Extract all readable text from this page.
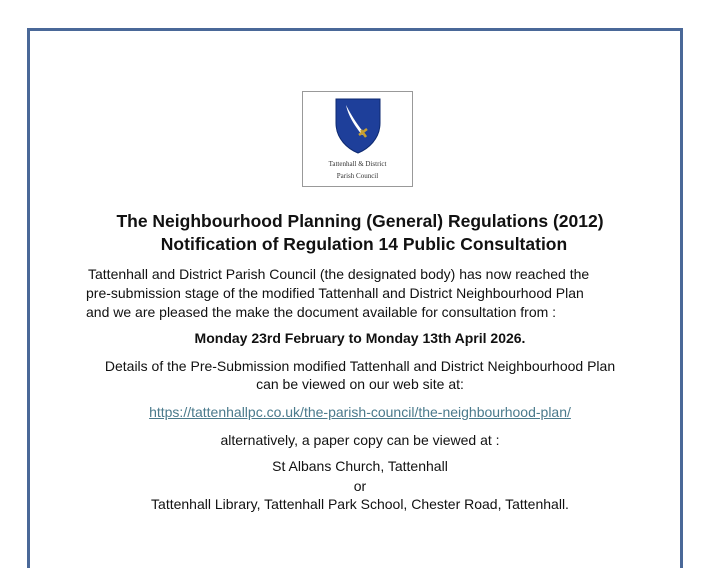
Tattenhall & District
Parish Council
The Neighbourhood Planning (General) Regulations (2012)
Notification of Regulation 14 Public Consultation
Tattenhall and District Parish Council (the designated body) has now reached the
pre-submission stage of the modified Tattenhall and District Neighbourhood Plan
and we are pleased the make the document available for consultation from :
Monday 23rd February to Monday 13th April 2026.
Details of the Pre-Submission modified Tattenhall and District Neighbourhood Plan
can be viewed on our web site at:
https://tattenhallpc.co.uk/the-parish-council/the-neighbourhood-plan/
alternatively, a paper copy can be viewed at :
St Albans Church, Tattenhall
or
Tattenhall Library, Tattenhall Park School, Chester Road, Tattenhall.
